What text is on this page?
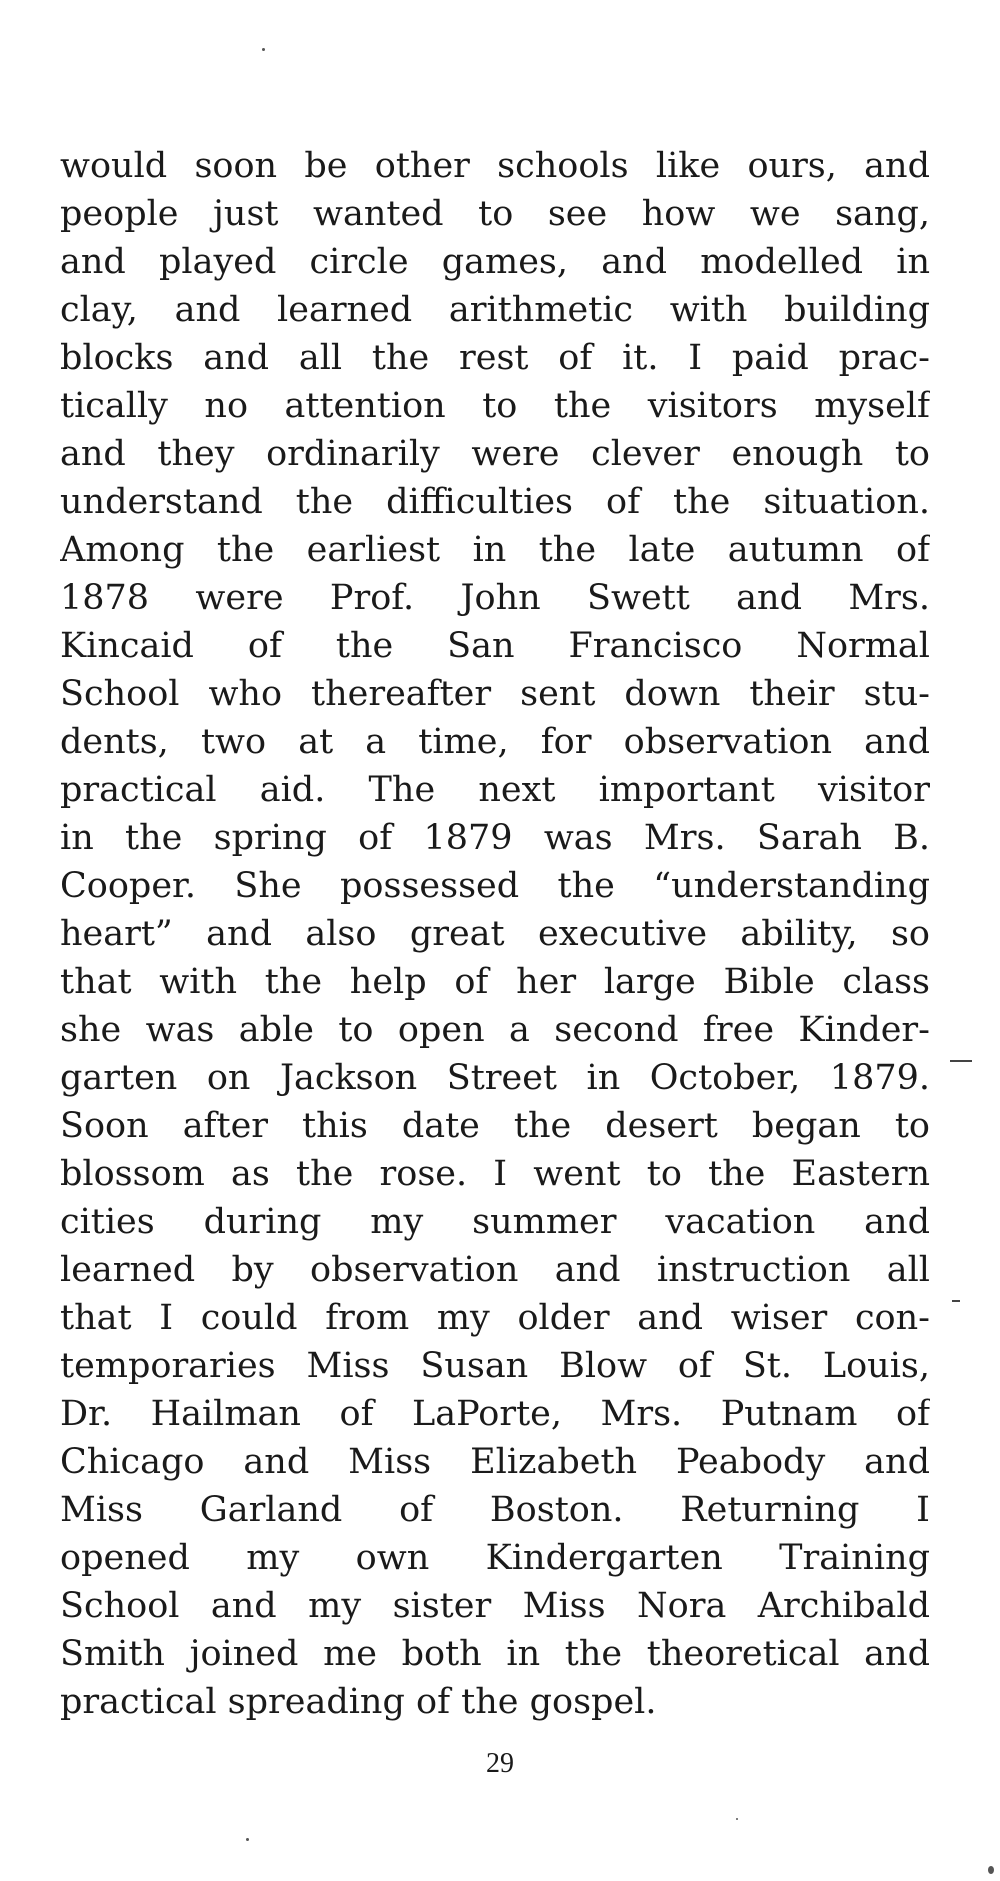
would soon be other schools like ours, and
people just wanted to see how we sang,
and played circle games, and modelled in
clay, and learned arithmetic with building
blocks and all the rest of it. I paid prac-
tically no attention to the visitors myself
and they ordinarily were clever enough to
understand the difficulties of the situation.
Among the earliest in the late autumn of
1878 were Prof. John Swett and Mrs.
Kincaid of the San Francisco Normal
School who thereafter sent down their stu-
dents, two at a time, for observation and
practical aid. The next important visitor
in the spring of 1879 was Mrs. Sarah B.
Cooper. She possessed the “understanding
heart” and also great executive ability, so
that with the help of her large Bible class
she was able to open a second free Kinder-
garten on Jackson Street in October, 1879.
Soon after this date the desert began to
blossom as the rose. I went to the Eastern
cities during my summer vacation and
learned by observation and instruction all
that I could from my older and wiser con-
temporaries Miss Susan Blow of St. Louis,
Dr. Hailman of LaPorte, Mrs. Putnam of
Chicago and Miss Elizabeth Peabody and
Miss Garland of Boston. Returning I
opened my own Kindergarten Training
School and my sister Miss Nora Archibald
Smith joined me both in the theoretical and
practical spreading of the gospel.
29
